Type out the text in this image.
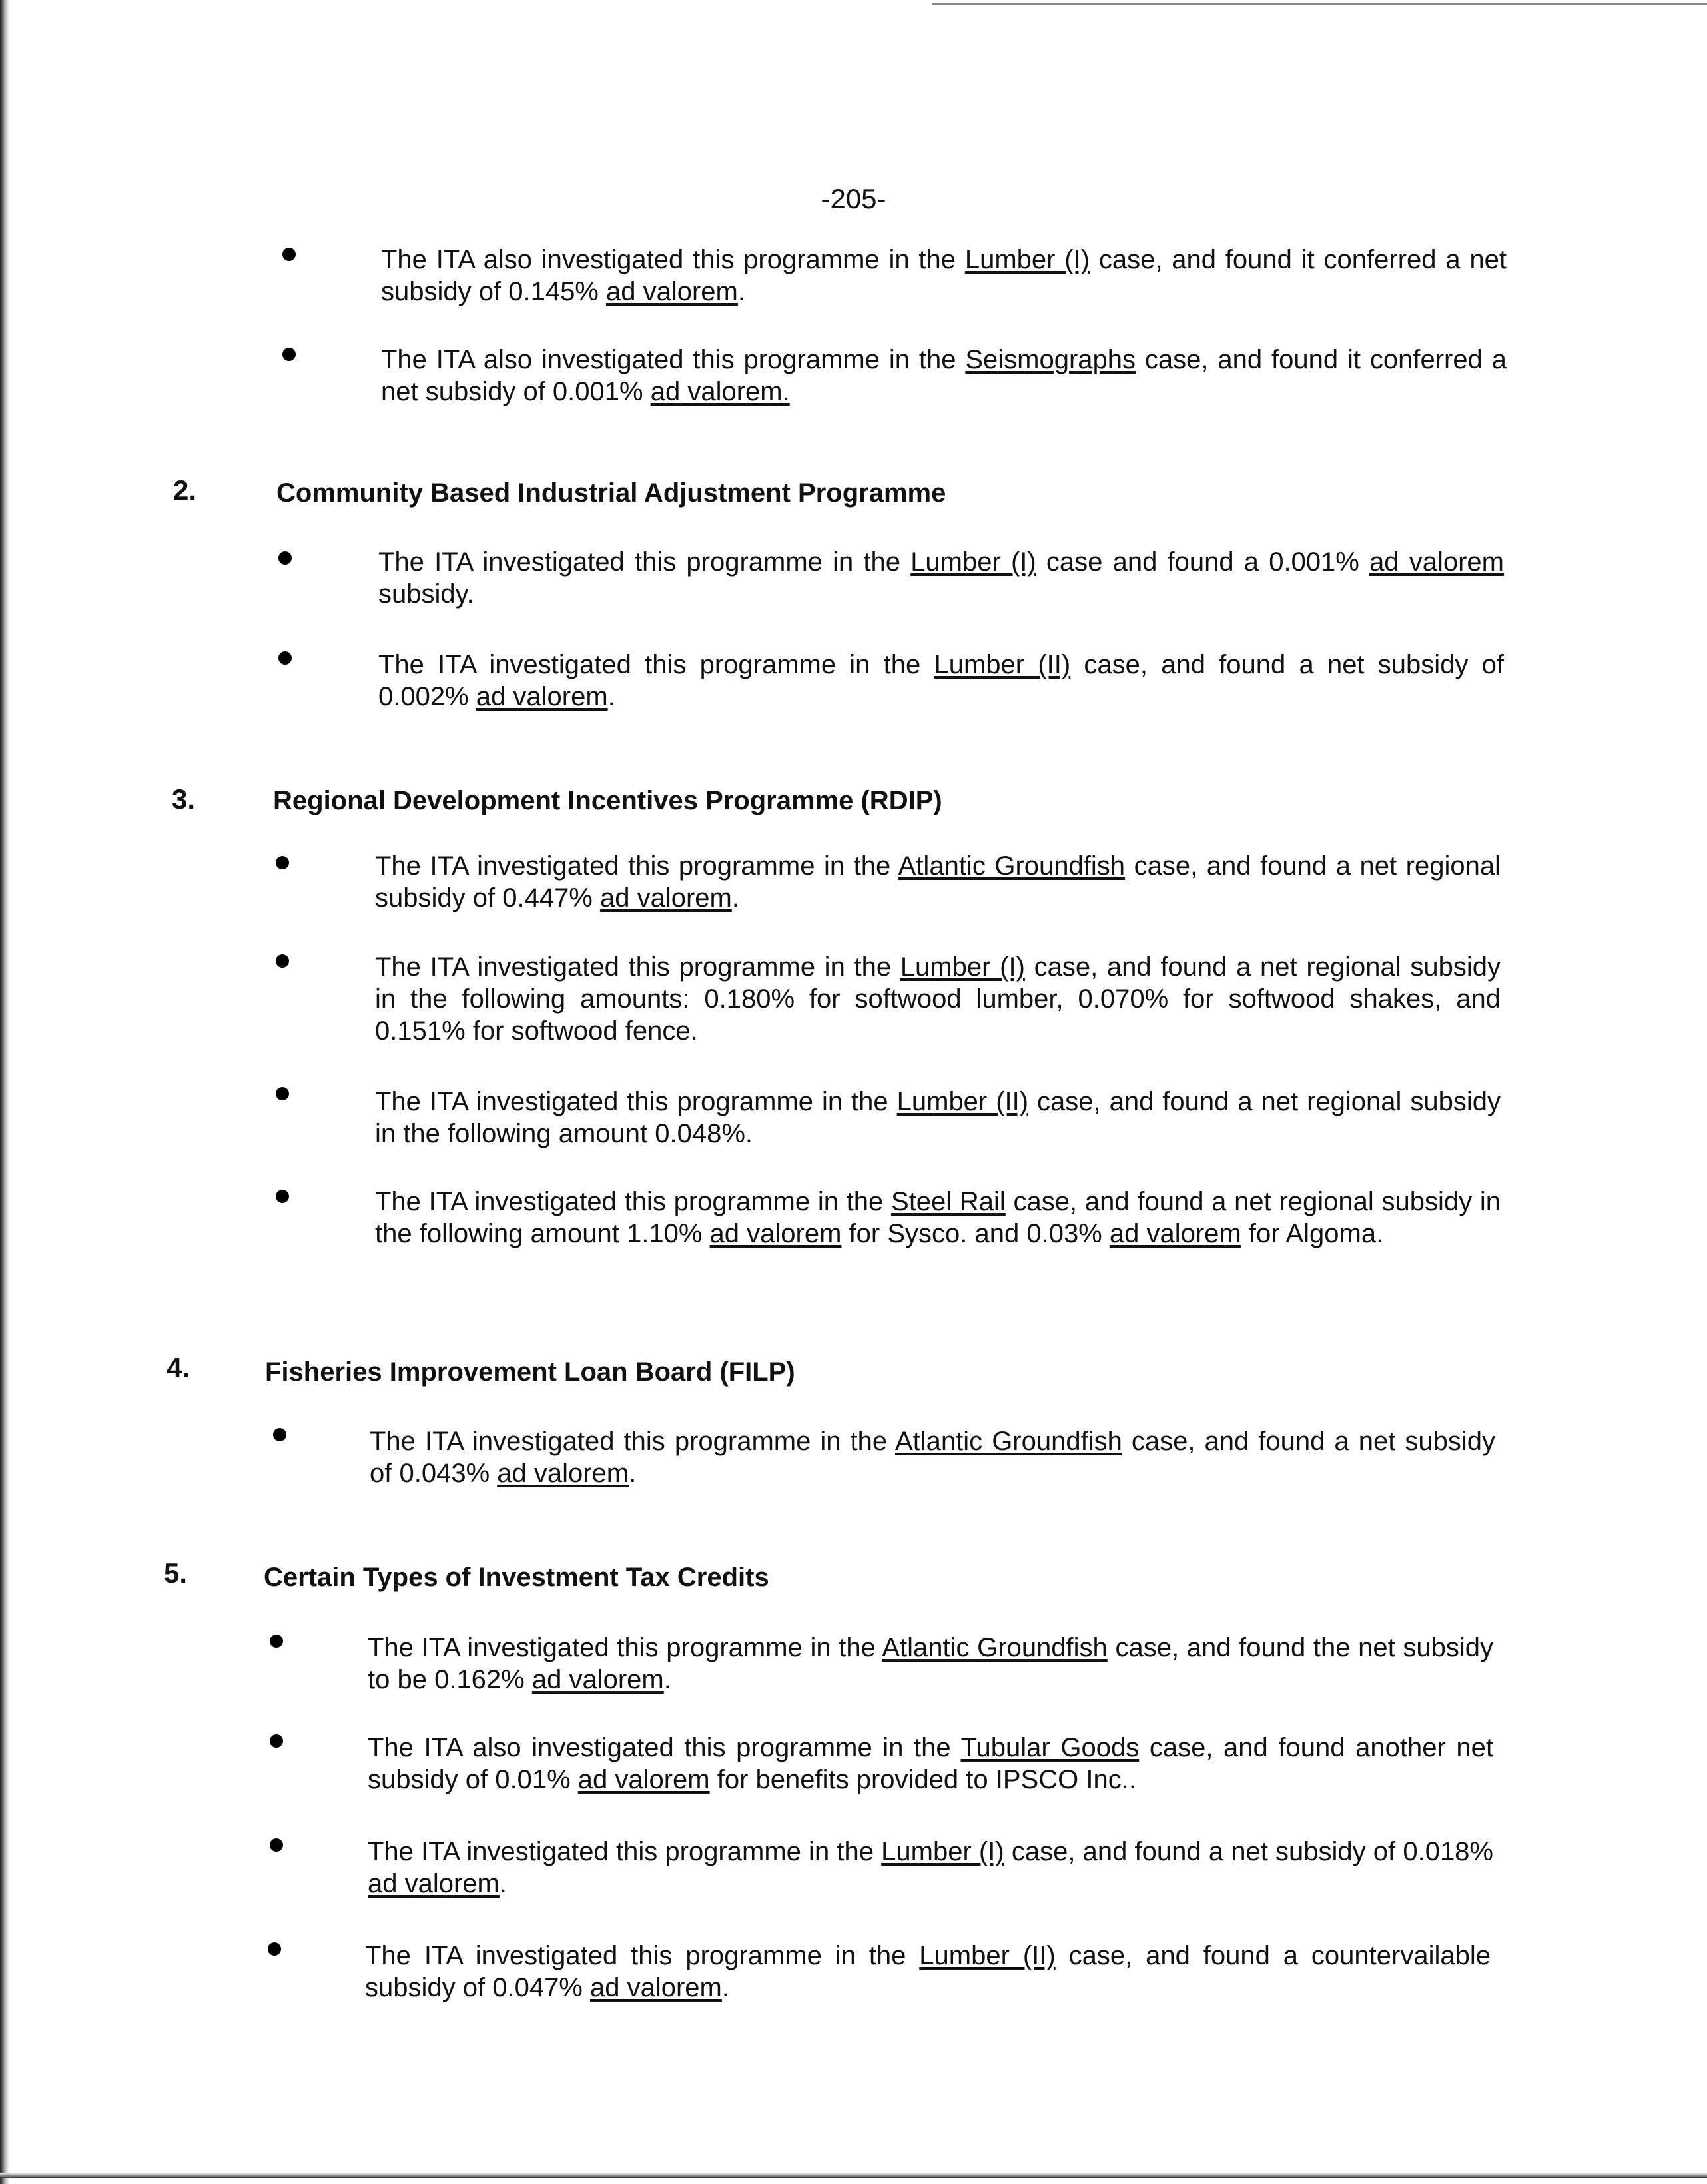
-205-
The ITA also investigated this programme in the Lumber (I) case, and found it conferred a net subsidy of 0.145% ad valorem.
The ITA also investigated this programme in the Seismographs case, and found it conferred a net subsidy of 0.001% ad valorem.
2.	Community Based Industrial Adjustment Programme
The ITA investigated this programme in the Lumber (I) case and found a 0.001% ad valorem subsidy.
The ITA investigated this programme in the Lumber (II) case, and found a net subsidy of 0.002% ad valorem.
3.	Regional Development Incentives Programme (RDIP)
The ITA investigated this programme in the Atlantic Groundfish case, and found a net regional subsidy of 0.447% ad valorem.
The ITA investigated this programme in the Lumber (I) case, and found a net regional subsidy in the following amounts: 0.180% for softwood lumber, 0.070% for softwood shakes, and 0.151% for softwood fence.
The ITA investigated this programme in the Lumber (II) case, and found a net regional subsidy in the following amount 0.048%.
The ITA investigated this programme in the Steel Rail case, and found a net regional subsidy in the following amount 1.10% ad valorem for Sysco. and 0.03% ad valorem for Algoma.
4.	Fisheries Improvement Loan Board (FILP)
The ITA investigated this programme in the Atlantic Groundfish case, and found a net subsidy of 0.043% ad valorem.
5.	Certain Types of Investment Tax Credits
The ITA investigated this programme in the Atlantic Groundfish case, and found the net subsidy to be 0.162% ad valorem.
The ITA also investigated this programme in the Tubular Goods case, and found another net subsidy of 0.01% ad valorem for benefits provided to IPSCO Inc..
The ITA investigated this programme in the Lumber (I) case, and found a net subsidy of 0.018% ad valorem.
The ITA investigated this programme in the Lumber (II) case, and found a countervailable subsidy of 0.047% ad valorem.
